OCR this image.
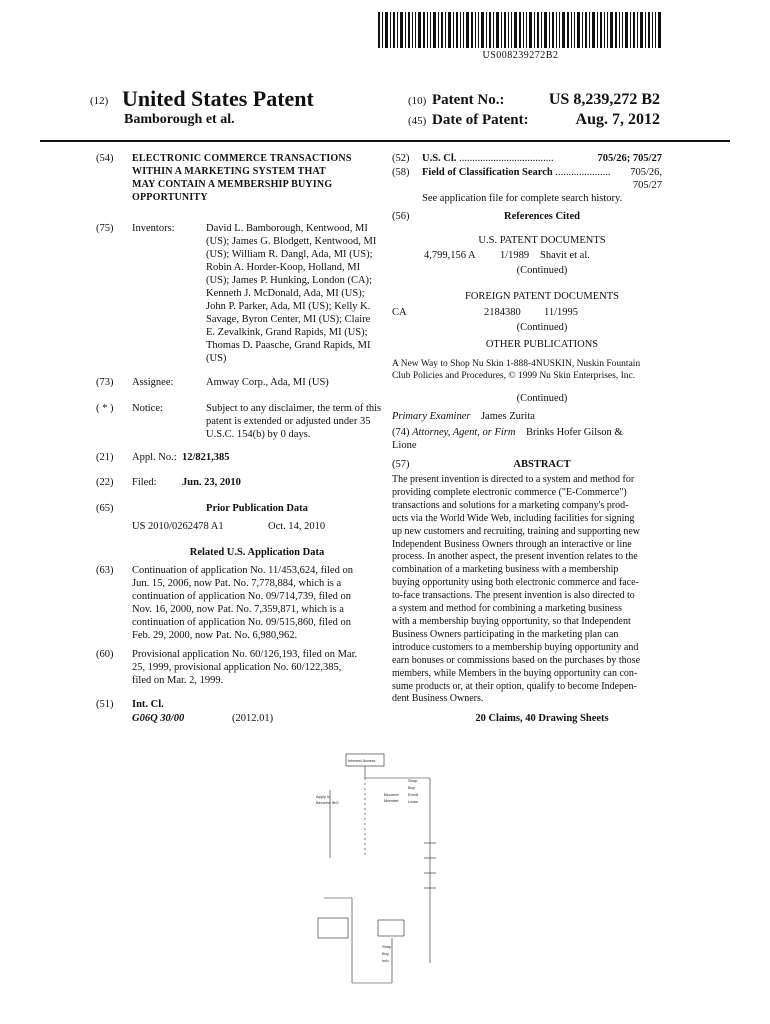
US008239272B2
(12) United States Patent
Bamborough et al.
(10) Patent No.:	US 8,239,272 B2
(45) Date of Patent:	Aug. 7, 2012
(54)	ELECTRONIC COMMERCE TRANSACTIONS
WITHIN A MARKETING SYSTEM THAT
MAY CONTAIN A MEMBERSHIP BUYING
OPPORTUNITY
(75)	Inventors:	David L. Bamborough, Kentwood, MI
(US); James G. Blodgett, Kentwood, MI
(US); William R. Dangl, Ada, MI (US);
Robin A. Horder-Koop, Holland, MI
(US); James P. Hunking, London (CA);
Kenneth J. McDonald, Ada, MI (US);
John P. Parker, Ada, MI (US); Kelly K.
Savage, Byron Center, MI (US); Claire
E. Zevalkink, Grand Rapids, MI (US);
Thomas D. Paasche, Grand Rapids, MI
(US)
(73)	Assignee:	Amway Corp., Ada, MI (US)
( * )	Notice:	Subject to any disclaimer, the term of this
patent is extended or adjusted under 35
U.S.C. 154(b) by 0 days.
(21)	Appl. No.: 12/821,385
(22)	Filed: Jun. 23, 2010
(65)	Prior Publication Data
US 2010/0262478 A1	Oct. 14, 2010
Related U.S. Application Data
(63)	Continuation of application No. 11/453,624, filed on
Jun. 15, 2006, now Pat. No. 7,778,884, which is a
continuation of application No. 09/714,739, filed on
Nov. 16, 2000, now Pat. No. 7,359,871, which is a
continuation of application No. 09/515,860, filed on
Feb. 29, 2000, now Pat. No. 6,980,962.
(60)	Provisional application No. 60/126,193, filed on Mar.
25, 1999, provisional application No. 60/122,385,
filed on Mar. 2, 1999.
(51)	Int. Cl.
G06Q 30/00	(2012.01)
(52)	U.S. Cl. ....................................	705/26; 705/27
(58)	Field of Classification Search .....................	705/26,
705/27
See application file for complete search history.
(56)	References Cited
U.S. PATENT DOCUMENTS
4,799,156 A 1/1989 Shavit et al.
(Continued)
FOREIGN PATENT DOCUMENTS
CA	2184380 11/1995
(Continued)
OTHER PUBLICATIONS
A New Way to Shop Nu Skin 1-888-4NUSKIN, Nuskin Fountain
Club Policies and Procedures, © 1999 Nu Skin Enterprises, Inc.
(Continued)
Primary Examiner James Zurita
(74) Attorney, Agent, or Firm Brinks Hofer Gilson &
Lione
(57)	ABSTRACT
The present invention is directed to a system and method for
providing complete electronic commerce ("E-Commerce")
transactions and solutions for a marketing company's prod-
ucts via the World Wide Web, including facilities for signing
up new customers and recruiting, training and supporting new
Independent Business Owners through an interactive or line
process. In another aspect, the present invention relates to the
combination of a marketing business with a membership
buying opportunity using both electronic commerce and face-
to-face transactions. The present invention is also directed to
a system and method for combining a marketing business
with a membership buying opportunity, so that Independent
Business Owners participating in the marketing plan can
introduce customers to a membership buying opportunity and
earn bonuses or commissions based on the purchases by those
members, while Members in the buying opportunity can con-
sume products or, at their option, qualify to become Indepen-
dent Business Owners.
20 Claims, 40 Drawing Sheets
Internet Access
Apply to
Become IBO
Become
Member
Shop
Buy
Enroll
Learn
Shop
Buy
Info
